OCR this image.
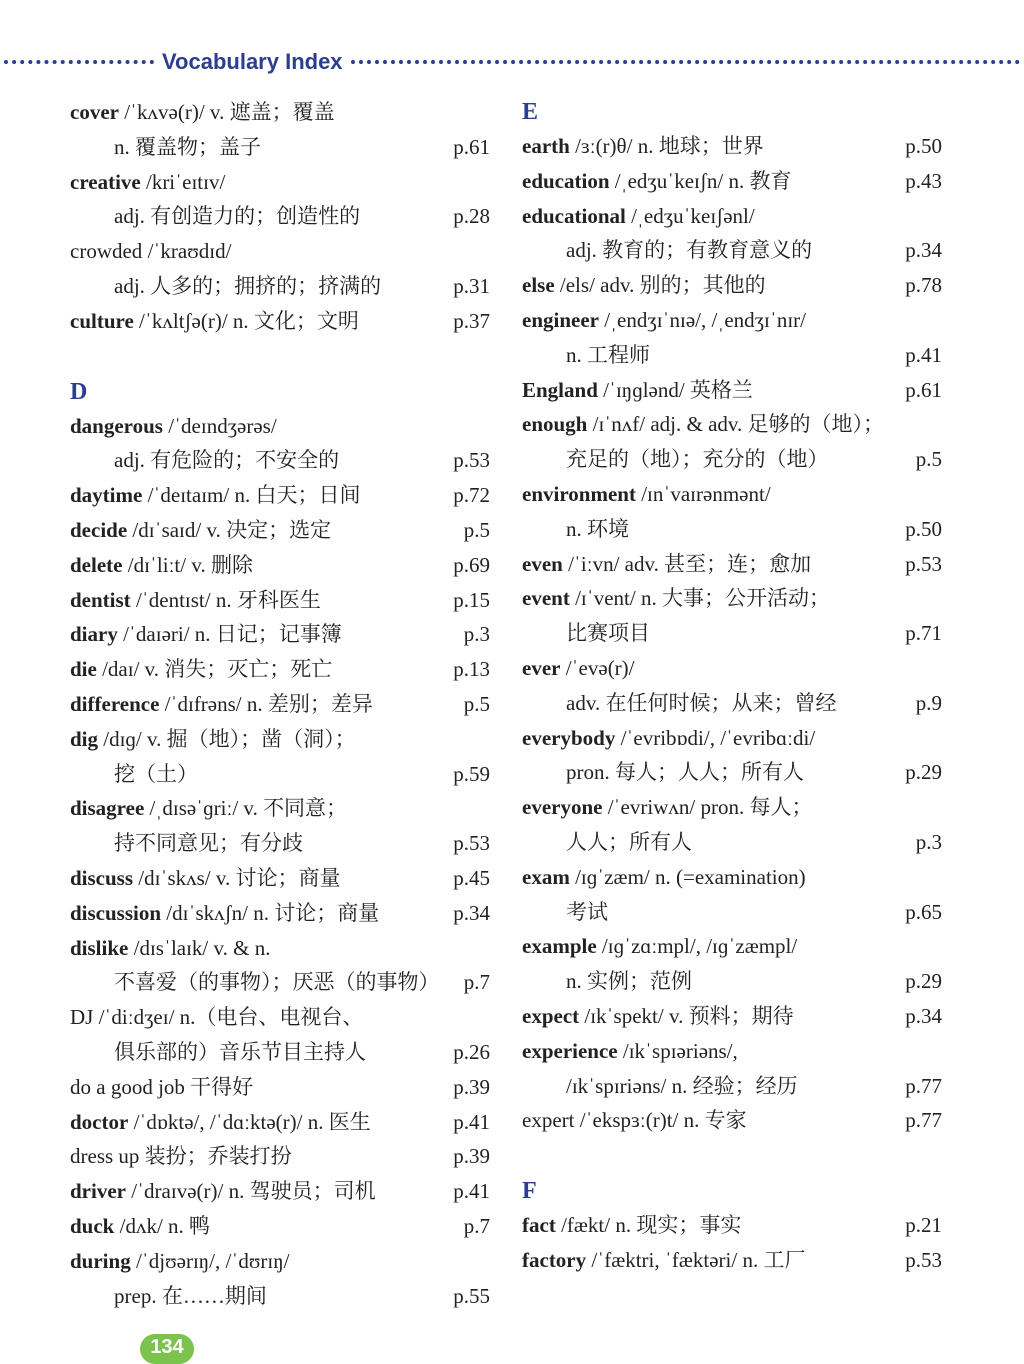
Vocabulary Index
cover /ˈkʌvə(r)/ v. 遮盖；覆盖
n. 覆盖物；盖子	p.61
creative /kriˈeɪtɪv/
adj. 有创造力的；创造性的	p.28
crowded /ˈkraʊdɪd/
adj. 人多的；拥挤的；挤满的	p.31
culture /ˈkʌltʃə(r)/ n. 文化；文明	p.37
D
dangerous /ˈdeɪndʒərəs/
adj. 有危险的；不安全的	p.53
daytime /ˈdeɪtaɪm/ n. 白天；日间	p.72
decide /dɪˈsaɪd/ v. 决定；选定	p.5
delete /dɪˈliːt/ v. 删除	p.69
dentist /ˈdentɪst/ n. 牙科医生	p.15
diary /ˈdaɪəri/ n. 日记；记事簿	p.3
die /daɪ/ v. 消失；灭亡；死亡	p.13
difference /ˈdɪfrəns/ n. 差别；差异	p.5
dig /dɪɡ/ v. 掘（地）；凿（洞）；
挖（土）	p.59
disagree /ˌdɪsəˈɡriː/ v. 不同意；
持不同意见；有分歧	p.53
discuss /dɪˈskʌs/ v. 讨论；商量	p.45
discussion /dɪˈskʌʃn/ n. 讨论；商量	p.34
dislike /dɪsˈlaɪk/ v. & n.
不喜爱（的事物）；厌恶（的事物） p.7
DJ /ˈdiːdʒeɪ/ n.（电台、电视台、
俱乐部的）音乐节目主持人	p.26
do a good job 干得好	p.39
doctor /ˈdɒktə/, /ˈdɑːktə(r)/ n. 医生	p.41
dress up 装扮；乔装打扮	p.39
driver /ˈdraɪvə(r)/ n. 驾驶员；司机	p.41
duck /dʌk/ n. 鸭	p.7
during /ˈdjʊərɪŋ/, /ˈdʊrɪŋ/
prep. 在……期间	p.55
E
earth /ɜː(r)θ/ n. 地球；世界	p.50
education /ˌedʒuˈkeɪʃn/ n. 教育	p.43
educational /ˌedʒuˈkeɪʃənl/
adj. 教育的；有教育意义的	p.34
else /els/ adv. 别的；其他的	p.78
engineer /ˌendʒɪˈnɪə/, /ˌendʒɪˈnɪr/
n. 工程师	p.41
England /ˈɪŋɡlənd/ 英格兰	p.61
enough /ɪˈnʌf/ adj. & adv. 足够的（地）；
充足的（地）；充分的（地）	p.5
environment /ɪnˈvaɪrənmənt/
n. 环境	p.50
even /ˈiːvn/ adv. 甚至；连；愈加	p.53
event /ɪˈvent/ n. 大事；公开活动；
比赛项目	p.71
ever /ˈevə(r)/
adv. 在任何时候；从来；曾经	p.9
everybody /ˈevribɒdi/, /ˈevribɑːdi/
pron. 每人；人人；所有人	p.29
everyone /ˈevriwʌn/ pron. 每人；
人人；所有人	p.3
exam /ɪɡˈzæm/ n. (=examination)
考试	p.65
example /ɪɡˈzɑːmpl/, /ɪɡˈzæmpl/
n. 实例；范例	p.29
expect /ɪkˈspekt/ v. 预料；期待	p.34
experience /ɪkˈspɪəriəns/,
/ɪkˈspɪriəns/ n. 经验；经历	p.77
expert /ˈekspɜː(r)t/ n. 专家	p.77
F
fact /fækt/ n. 现实；事实	p.21
factory /ˈfæktri, ˈfæktəri/ n. 工厂	p.53
134
